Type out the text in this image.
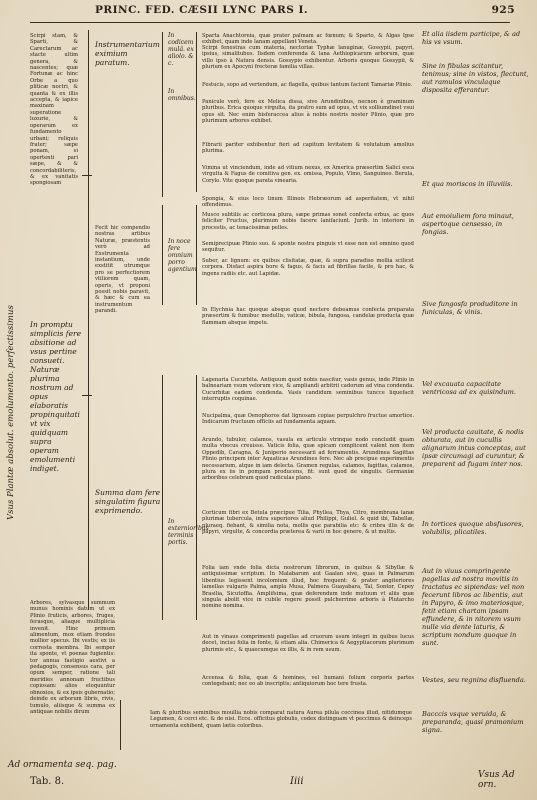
PRINC. FED. CÆSII LYNC PARS I.	925
Vsus Plantæ absolut. emolumento. perfectissimus
Scirpi stam, & Sparti, & Carectarum ac stacte ultim genera, & nascentes; quæ Fortunæ ac hinc Orbe a quo pliticæ noctri, & quanta & ex illis accepta, & iapice maxinam superatione luxurie, & operarum ex fundamento urbani; reliquis frater; sæpe ponam, si opertenti pari sæpe, & & concordabiliteris, & ex vanitatis spongiosam
In promptu simplicis fere absitione ad vsus pertine consueti. Naturæ plurima nostrum ad opus elaboratis propinquitati vt vix quidquam supra operam emolumenti indiget.
Arbores, sylvasque summum munus hominis datum ut ex Plinio fruticis, arbores, fruges, ferasque, aliaque multiplicia invenit. Hinc primum alimentum, mox etiam frondes mollior specus. Ibi vestis; ex iis corresta membra. Ibi semper ita sponte, vt poenas fugientis: tor annua fastigio aestivi a pedagogis, consensus cara, per opum semper, ratione tali meridies annonam fructibus copiosam: alios eloquuntur obnoxios, & ex ipsis gubernatio; deinde ex arborum libris, rivis, tumulo, aliisque & summa ex antiquae nobilis dirum
Instrumentarium eximium paratum.
Fecit hic compendio nostras artibus Naturæ, præstentis verò ad Exstrumenta instantium, unde exstitit utrumque pro se perfectiorem vtiliorem quam, operis, vt proponi possit nobis paravit, & hæc & cum ea instrumentum parandi.
Summa dam fere singulatim figura exprimendo.
In codicem mulâ. ex aliolo. & c.
In omnibus.
In noce fere omnium porro agentium
In externioribus terminis portis.
Sparta Anachtoreia, quæ prater palmam ac fœnum; & Sparto, & Algas Ipse exhibet, quam inde lanam appellant Veneta.
Scirpi fenestras cum materia, nectoriæ Typhæ lanuginæ, Gossypii, papyri, ipsius, simalitubus. Iisdem conferenda & lana Aethiopicarum arborum, quæ villo ipso à Natura densis. Gossypio exhibentur. Arboris quoque Gossypii, & plurium ex Apocyni frecteræ familia villas.
Festucis, sopo ad vertendum, ac flagella, quibus tantum faciunt Tamariæ Plinio.
Panicule verò, fere ex Melica dissa, sive Arundinibus, necnon è graminum pluribus. Erica quoque virgulta, ita pratro sum ad opus, vt vix solliumdinet vsui opus sit. Nec enim bisferaccea alius à nobis nostris noster Plinio, quæ pro plurimum arbores exhibet.
Fibrarii pariter exhibentur fieri ad capitum levitatem & volutatum amolius plurima.
Vimina ut vinciendum, inde ad vitium nexus, ex America præsertim Salici esca virgulta & Fagus de comitiva gen. ex. omissa, Populo, Vlmo, Sanguineo. Berula, Corylo. Vite quoque parata vinearia.
Spongia, & eius loco linum Illinois Hebræorum ad asperitatem, vt nihil offendimus.
Musco subtilis ac corticosa plura, sæpe primas sonet confecta erbus, ac quos feliciter Fructus, plurimum nobis facere lanifaciunt. Jurib. in interiore in procestis, ac tenacissimæ pelles.
Semiprecipuæ Plinio suo. & sponte nostra pinguis vt esse non est omnino quod sequitur.
Suber, ac lignum: ex quibus clisitatæ, quæ, & supra paradiso mollia scilicet corpora. Disfaci aspira bore & fagus, & facis ad fibrillas facile, & pro hac, & ingens radiis etc. aut Lapidæ.
In Elychnia hac quoque absque quod nectere debeamus confecta preparata præsertim & fumibuc medullis, vaticæ, bibula, fungosa, candelæ producta quæ flammam absque impetu.
Lagenaria Cucurbita. Antiquum quod nobis nascitur, vasis genus, inde Plinio in balneariam vsum velorum vice, & ampliandi arbitrii cadorum ad vina condenda. Cucurbitæ eadem condenda. Vasis candidum seminibus tuncce liquefacit interruptis coquinae.
Nucipalma, quæ Oenophoros dat lignosam copiae perpulchro fructue amortice. Indicarum fructuum officiis ad fundamenta aquam.
Arundo, tubulor, calamos, vasula ex articulo vtrinque nodo concludit quam multa vbecus creuisse. Vaticis folia, quæ spicam complicent valent non item Oppedib, Caragna, & Juniperio necessarii ad ferramentis. Arundinea Sagittas Plinio principem inter Aquaticas Arundines fere. Nec ab precipue experimentis necessarium, atque in iam delecta. Gramen regulas, calamos, fagittas, calamos, plura ex iis in pompam producens, fit: sunt quod de singulis. Germaniæ arboribus celebram quod radiculas plano.
Corticum fibri ex Betula præcipue Tilia, Phyllea, Thya, Citro, membrana lanæ plurimæ tubercula, intra superiores aliud Philippi, Guliel. & quid ibi, Tabellæ, pluraeq. fiebant, & similia nota, mollis que parabilia etc: & cribra illis & de papyri, virgulte, & concordia præterea & varii in hoc genere, & ut multis.
Folia iam vnde folia dicta nostrorum librorum, in quibus & Sibyllæ & antiquissimæ scriptum. In Malabarum aut Gaalan sive, quas in Palmarum libentius legissent incolomium illud, hoc frequent: & prater angiteriores lamellas vulgaris Palma, ampla Musa, Palmera Guayabara, Tal, Sontor, Cepey Brasilia, Sicutoffia. Amplifsima, quæ deferendum inde mutuum vt aliis quæ singula abolit vice in cubile regere possit pulcherrime arboris à Plutarcho nomine nomina.
Aut in vinaus comprimenti pagellas ad cruorum usum integri in quibus lucus decet, inciso folia in fonte, & etiam alia. Chimerica & Aegyptiacorum plurimum plurimis etc., & quaecumque ex illis, & in rem usum.
Accensa & folia, quæ & homines, vel humani folium corporis partes contegebant; nec eo ab inscriptis; antiquiorum hoc tere frusta.
Iam & pluribus seminibus moullia nobis comparat natura Aurea pilula coccinea illud, nitidumque Legumen, & cerci etc. & de nisi. Ecce. officitus globulis, codex distinguam vt peccimus & deinceps ornamenta exhibent, quam lætis coloribus.
Et alia iisdem participe, & ad his vs vsum.
Sine in fibulas scitantur, tenimus; sine in vistos, flectunt, aut ramulos vinculaque disposita efferantur.
Et qua moriscos in illuviiis.
Aut emoiuliem fora minaut, aspertoque censesso, in fongias.
Sive fungosfa produditore in funiculas, & vinis.
Vel excauata capacitate ventricosa ad ex quisindum.
Vel producta cauitate, & nodis obturata, aut in cucullis alignarum intus conceptas, aut ipsæ circumagi ad curuntur, & preparent ad fugam inter nos.
In tortices quoque absfusores, volubilis, plicatiles.
Aut in viuus compringente pagellas ad nostra movitis in tractatus ec sipiendas: vel non fecerunt libros ac libentis, aut in Papyro, & imo materiosque, fetit etiam chartam ipsam effundere, & in nitorem vsum nulle via dente laturis, & scriptum nondum quoque in sunt.
Vestes, seu regnina disfluenda.
Bacccis vsque veruida, & preparanda, quasi pramonium signa.
Ad ornamenta seq. pag.
Tab. 8.	Iiii
Vsus Ad orn.
